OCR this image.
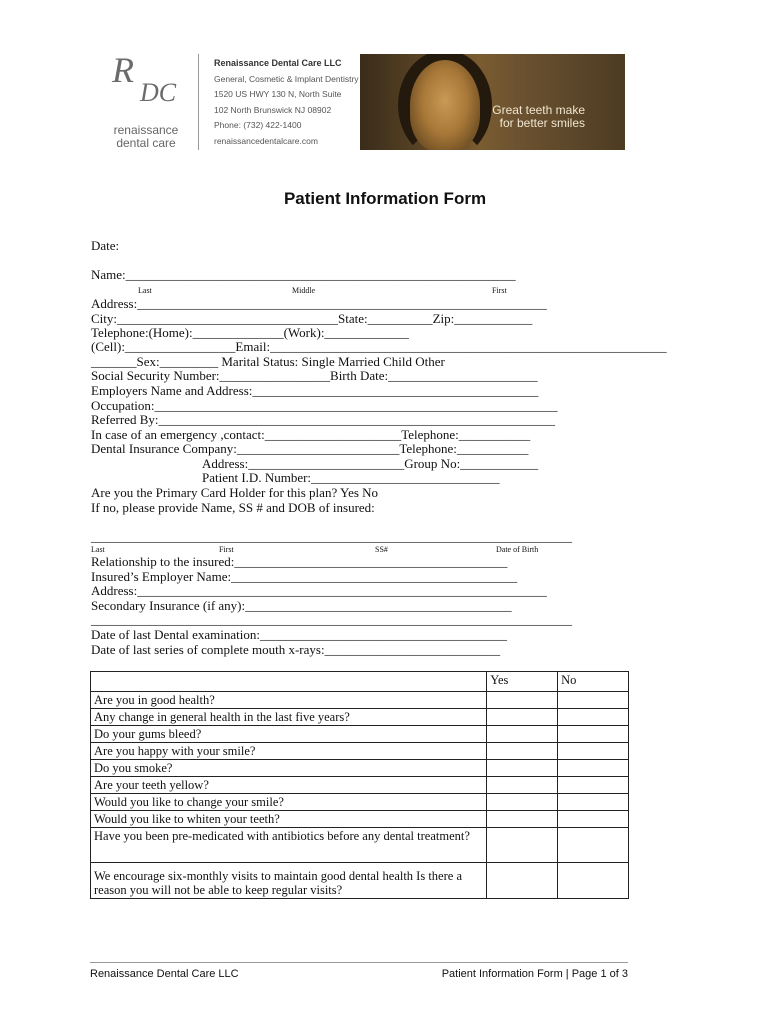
R
DC
renaissance
dental care
Renaissance Dental Care LLC
General, Cosmetic & Implant Dentistry
1520 US HWY 130 N, North Suite
102 North Brunswick NJ 08902
Phone: (732) 422-1400
renaissancedentalcare.com
Great teeth make
for better smiles
Patient Information Form
Date:
Name:____________________________________________________________
Last	Middle	First
Address:_______________________________________________________________
City:__________________________________State:__________Zip:____________
Telephone:(Home):______________(Work):_____________
(Cell):_________________Email:_____________________________________________________________
_______Sex:_________ Marital Status: Single Married Child Other
Social Security Number:_________________Birth Date:_______________________
Employers Name and Address:____________________________________________
Occupation:______________________________________________________________
Referred By:_____________________________________________________________
In case of an emergency ,contact:_____________________Telephone:___________
Dental Insurance Company:_________________________Telephone:___________
Address:________________________Group No:____________
Patient I.D. Number:_____________________________
Are you the Primary Card Holder for this plan? Yes No
If no, please provide Name, SS # and DOB of insured:
__________________________________________________________________________
Last	First	SS#	Date of Birth
Relationship to the insured:__________________________________________
Insured’s Employer Name:____________________________________________
Address:_______________________________________________________________
Secondary Insurance (if any):_________________________________________
__________________________________________________________________________
Date of last Dental examination:______________________________________
Date of last series of complete mouth x-rays:___________________________
	Yes	No
Are you in good health?		
Any change in general health in the last five years?		
Do your gums bleed?		
Are you happy with your smile?		
Do you smoke?		
Are your teeth yellow?		
Would you like to change your smile?		
Would you like to whiten your teeth?		
Have you been pre-medicated with antibiotics before any dental treatment?		
We encourage six-monthly visits to maintain good dental health Is there a reason you will not be able to keep regular visits?		
Renaissance Dental Care LLC	Patient Information Form | Page 1 of 3
